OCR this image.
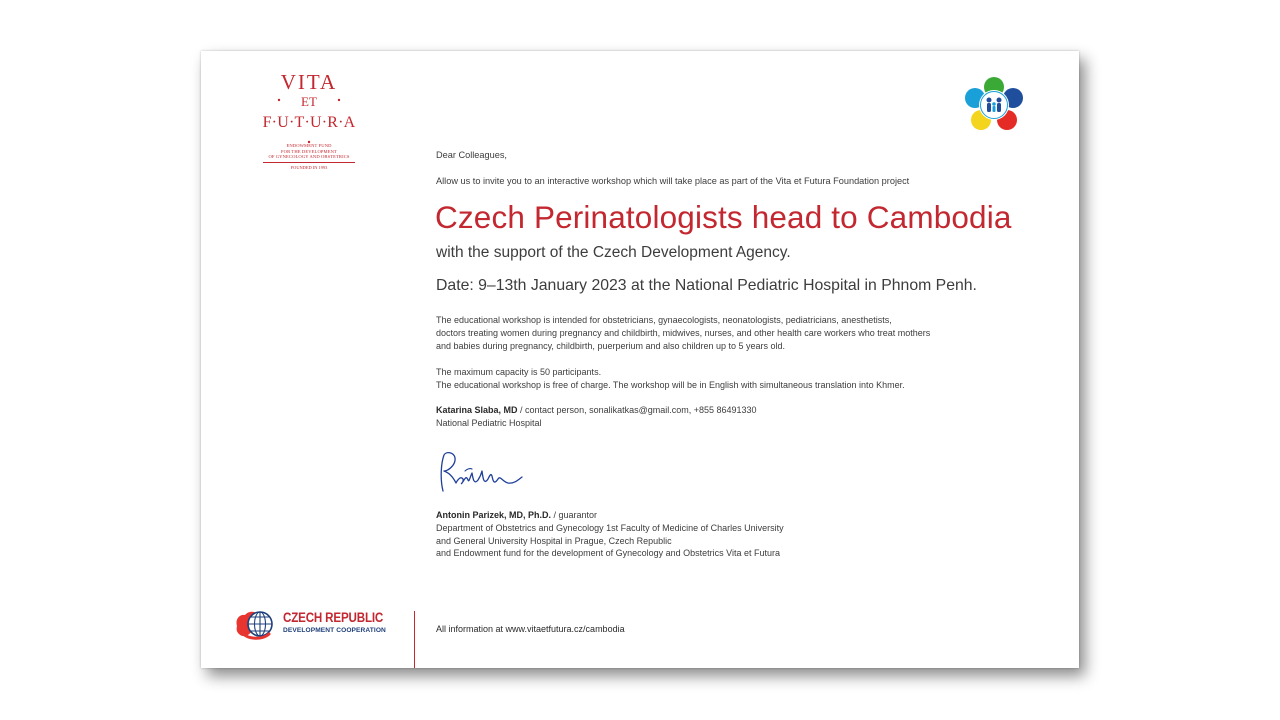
VITA
ET
F·U·T·U·R·A
ENDOWMENT FUND
FOR THE DEVELOPMENT
OF GYNECOLOGY AND OBSTETRICS
FOUNDED IN 1993
Dear Colleagues,
Allow us to invite you to an interactive workshop which will take place as part of the Vita et Futura Foundation project
Czech Perinatologists head to Cambodia
with the support of the Czech Development Agency.
Date: 9–13th January 2023 at the National Pediatric Hospital in Phnom Penh.
The educational workshop is intended for obstetricians, gynaecologists, neonatologists, pediatricians, anesthetists,
doctors treating women during pregnancy and childbirth, midwives, nurses, and other health care workers who treat mothers
and babies during pregnancy, childbirth, puerperium and also children up to 5 years old.
The maximum capacity is 50 participants.
The educational workshop is free of charge. The workshop will be in English with simultaneous translation into Khmer.
Katarina Slaba, MD / contact person, sonalikatkas@gmail.com, +855 86491330
National Pediatric Hospital
Antonin Parizek, MD, Ph.D. / guarantor
Department of Obstetrics and Gynecology 1st Faculty of Medicine of Charles University
and General University Hospital in Prague, Czech Republic
and Endowment fund for the development of Gynecology and Obstetrics Vita et Futura
CZECH REPUBLIC
DEVELOPMENT COOPERATION	All information at www.vitaetfutura.cz/cambodia
